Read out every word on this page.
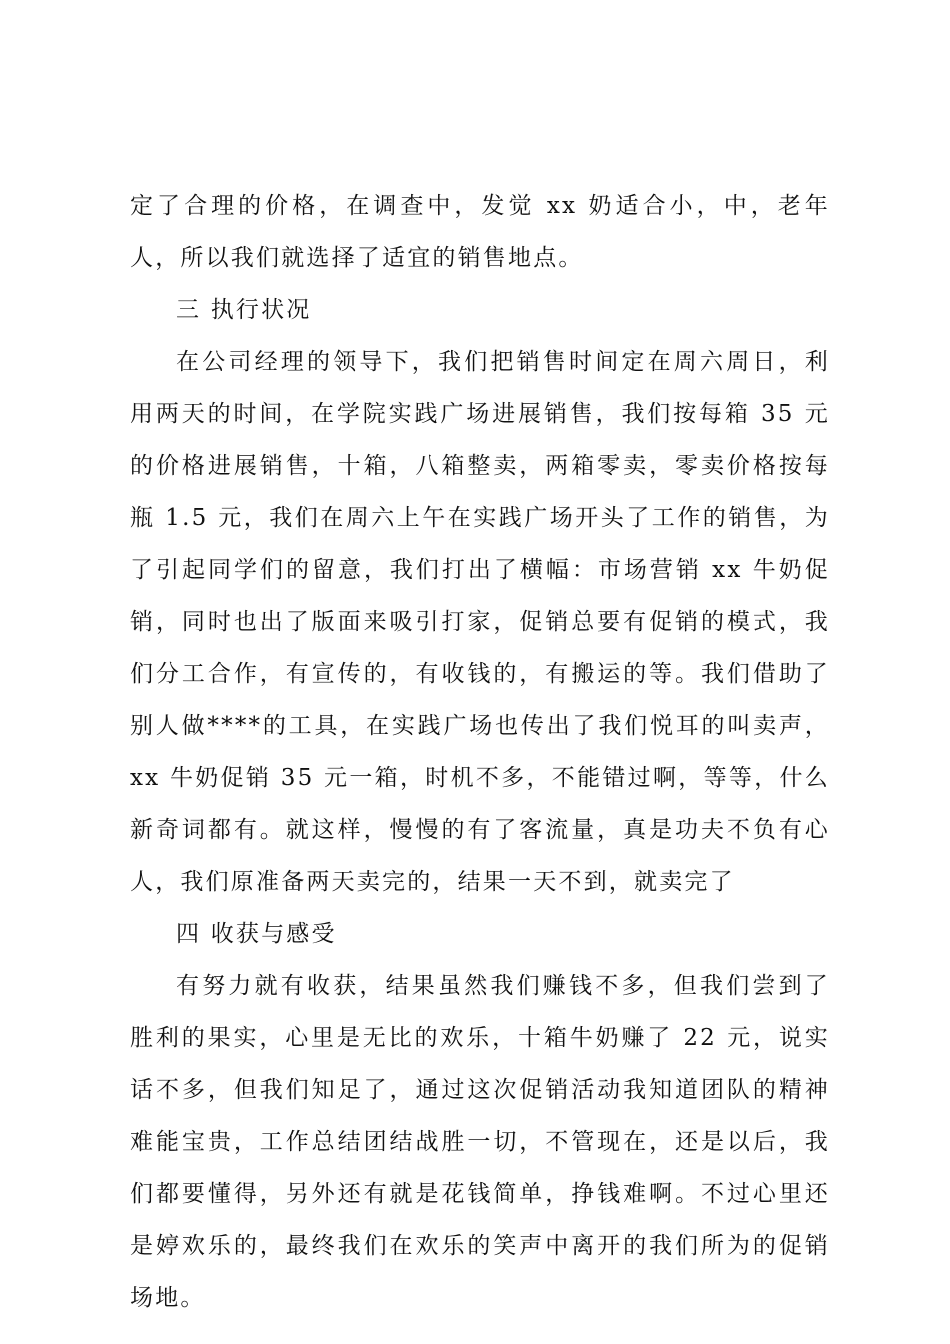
定了合理的价格，在调查中，发觉 xx 奶适合小，中，老年人，所以我们就选择了适宜的销售地点。

三 执行状况

在公司经理的领导下，我们把销售时间定在周六周日，利用两天的时间，在学院实践广场进展销售，我们按每箱 35 元的价格进展销售，十箱，八箱整卖，两箱零卖，零卖价格按每瓶 1.5 元，我们在周六上午在实践广场开头了工作的销售，为了引起同学们的留意，我们打出了横幅：市场营销 xx 牛奶促销，同时也出了版面来吸引打家，促销总要有促销的模式，我们分工合作，有宣传的，有收钱的，有搬运的等。我们借助了别人做****的工具，在实践广场也传出了我们悦耳的叫卖声，xx 牛奶促销 35 元一箱，时机不多，不能错过啊，等等，什么新奇词都有。就这样，慢慢的有了客流量，真是功夫不负有心人，我们原准备两天卖完的，结果一天不到，就卖完了

四 收获与感受

有努力就有收获，结果虽然我们赚钱不多，但我们尝到了胜利的果实，心里是无比的欢乐，十箱牛奶赚了 22 元，说实话不多，但我们知足了，通过这次促销活动我知道团队的精神难能宝贵，工作总结团结战胜一切，不管现在，还是以后，我们都要懂得，另外还有就是花钱简单，挣钱难啊。不过心里还是婷欢乐的，最终我们在欢乐的笑声中离开的我们所为的促销场地。
